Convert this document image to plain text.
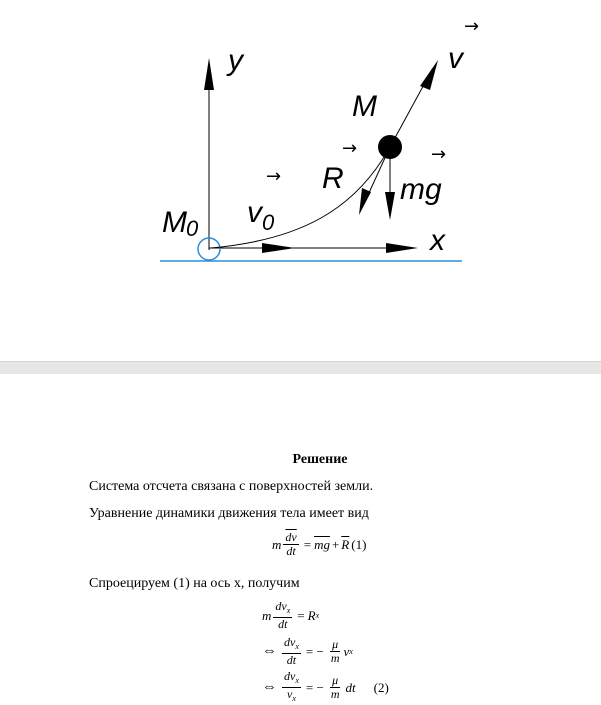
y
x
M 0 v 0
→
M
v
→
R
→
mg
→
Решение
Система отсчета связана с поверхностей земли.
Уравнение динамики движения тела имеет вид
m $\frac{\overline{dv}}{dt} = \overline{mg} + \overline{R}$ (1)
Спроецируем (1) на ось x, получим
m $\frac{dv_x}{dt} = R$ x
⇔ $\frac{dv_x}{dt}$ = − $\frac{\mu}{m}$ v x
⇔ $\frac{dv_x}{v_x}$ = − $\frac{\mu}{m}$ dt (2)
